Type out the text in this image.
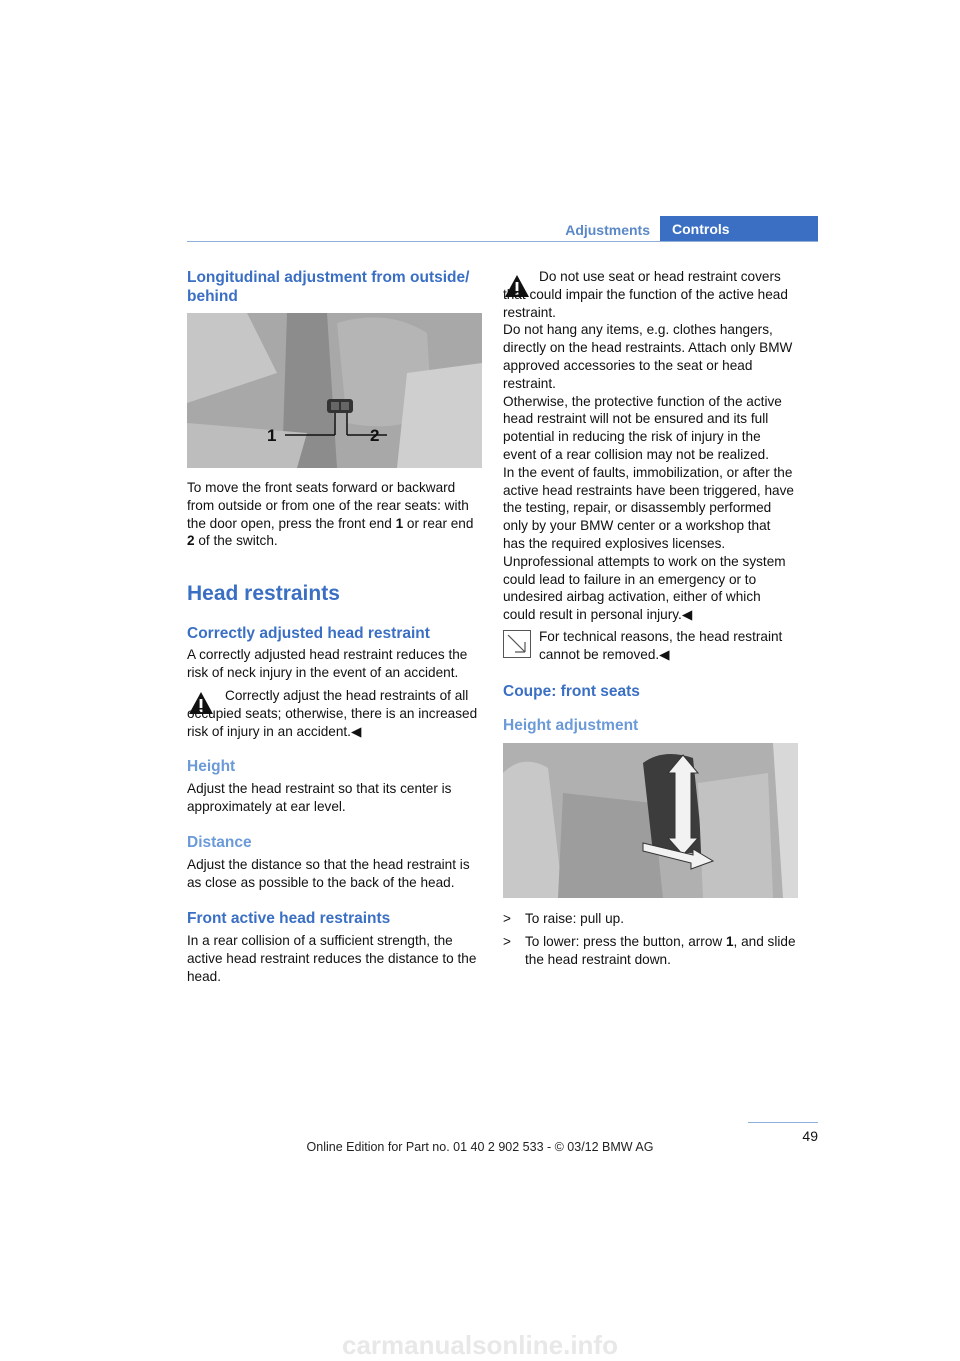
Adjustments	Controls
Longitudinal adjustment from outside/ behind
1	2
To move the front seats forward or backward from outside or from one of the rear seats: with the door open, press the front end 1 or rear end 2 of the switch.
Head restraints
Correctly adjusted head restraint
A correctly adjusted head restraint reduces the risk of neck injury in the event of an accident.
Correctly adjust the head restraints of all occupied seats; otherwise, there is an increased risk of injury in an accident.◀
Height
Adjust the head restraint so that its center is approximately at ear level.
Distance
Adjust the distance so that the head restraint is as close as possible to the back of the head.
Front active head restraints
In a rear collision of a sufficient strength, the active head restraint reduces the distance to the head.
Do not use seat or head restraint covers that could impair the function of the active head restraint.
Do not hang any items, e.g. clothes hangers, directly on the head restraints. Attach only BMW approved accessories to the seat or head restraint.
Otherwise, the protective function of the active head restraint will not be ensured and its full potential in reducing the risk of injury in the event of a rear collision may not be realized.
In the event of faults, immobilization, or after the active head restraints have been triggered, have the testing, repair, or disassembly performed only by your BMW center or a workshop that has the required explosives licenses. Unprofessional attempts to work on the system could lead to failure in an emergency or to undesired airbag activation, either of which could result in personal injury.◀
For technical reasons, the head restraint cannot be removed.◀
Coupe: front seats
Height adjustment
>	To raise: pull up.
>	To lower: press the button, arrow 1, and slide the head restraint down.
49
Online Edition for Part no. 01 40 2 902 533 - © 03/12 BMW AG
carmanualsonline.info
